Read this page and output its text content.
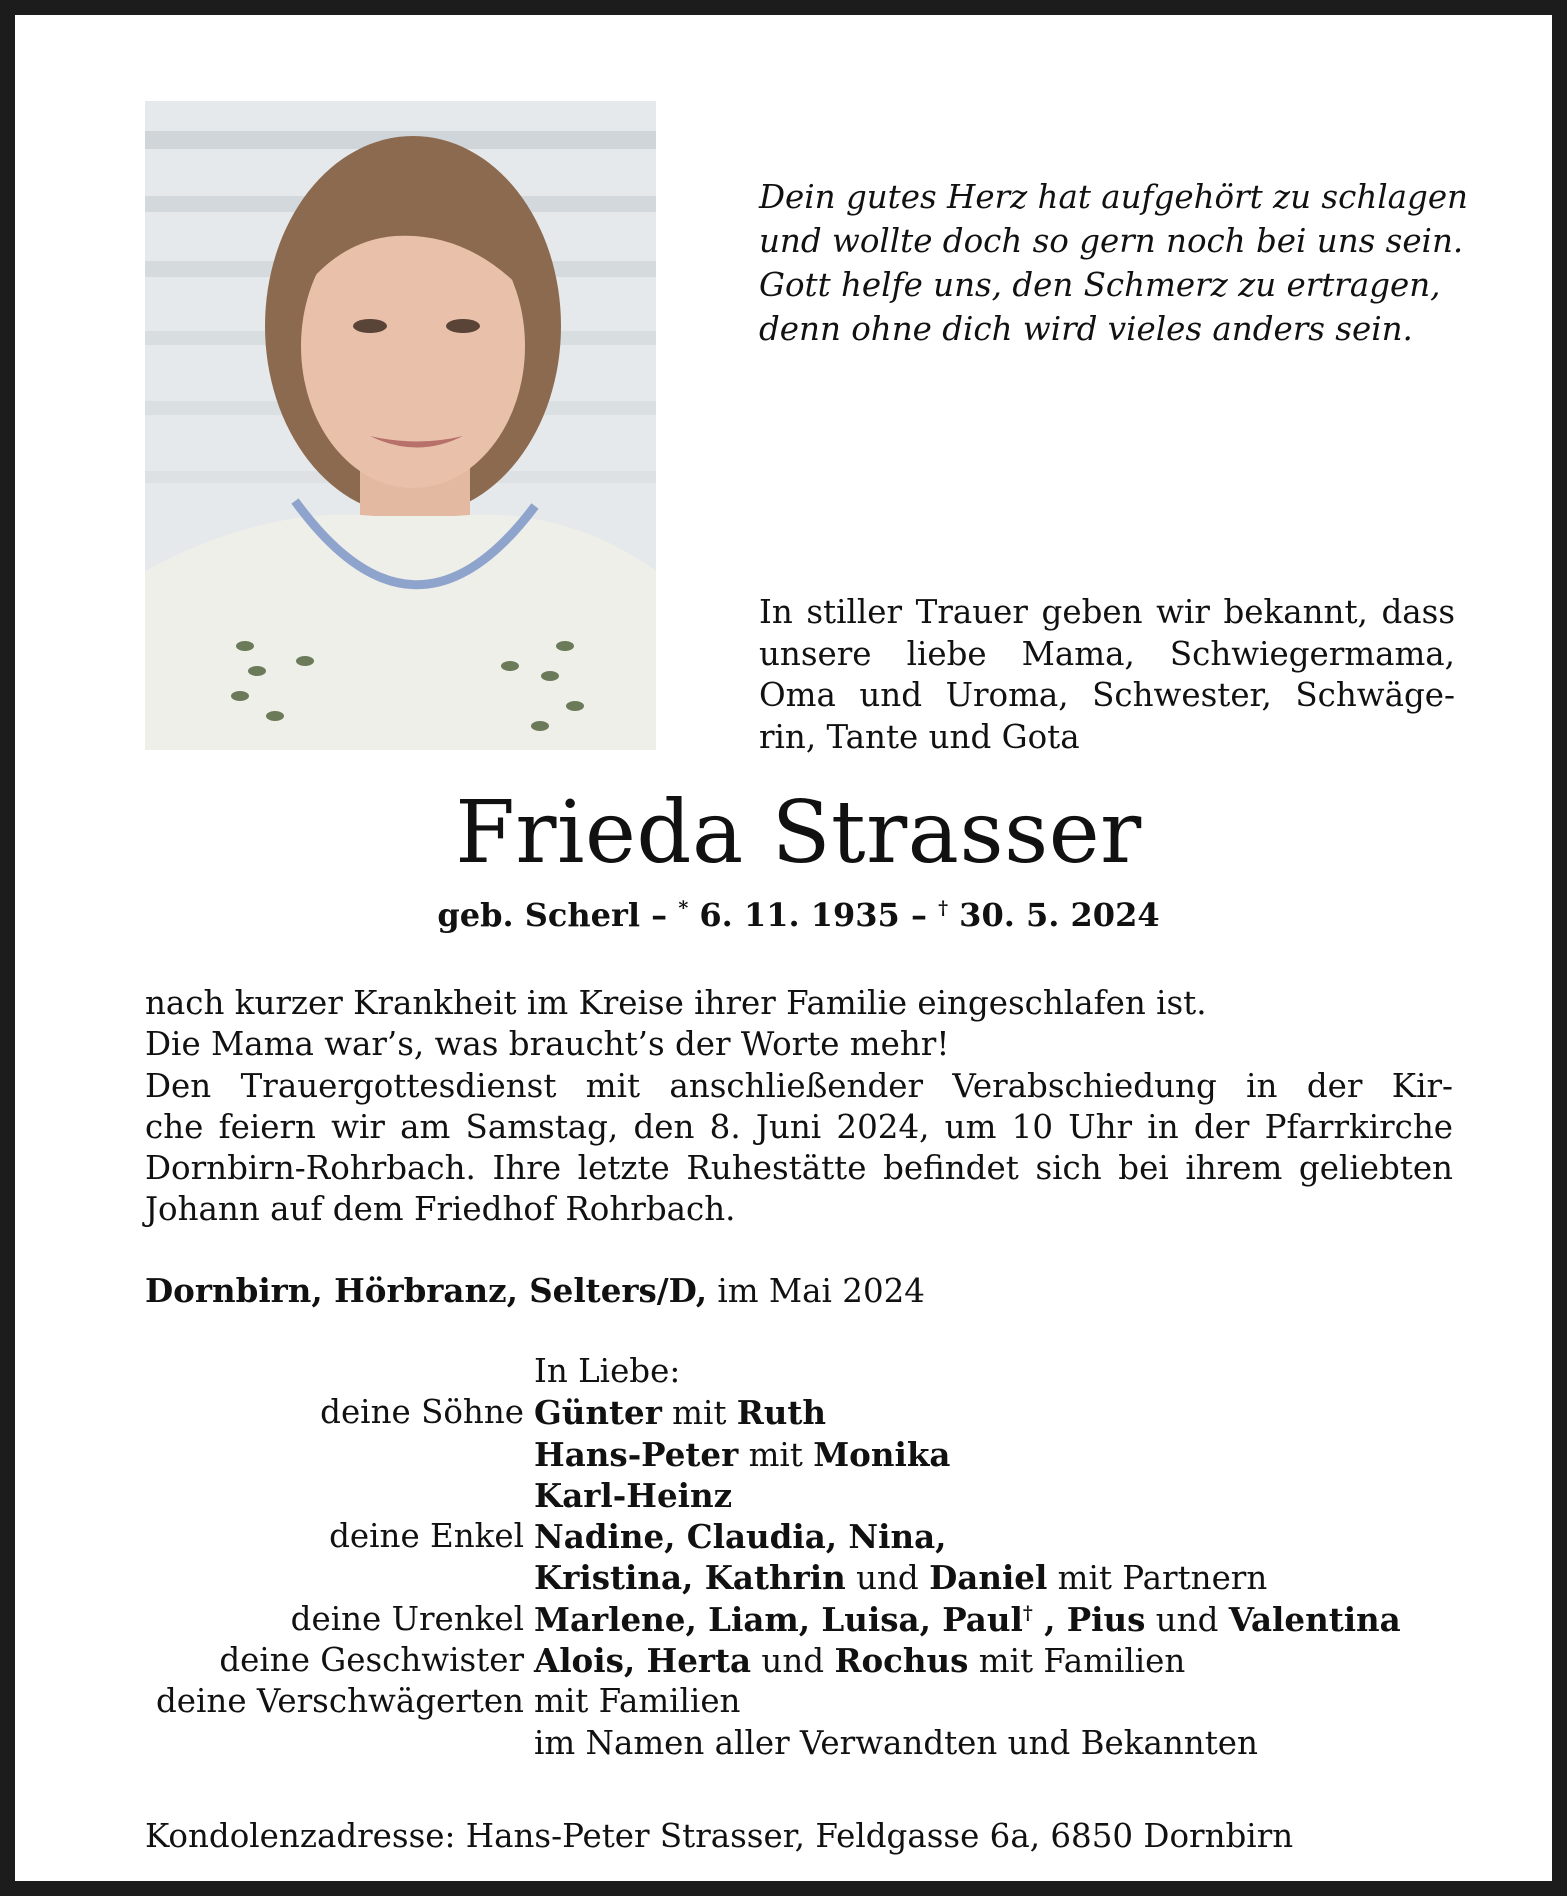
Dein gutes Herz hat aufgehört zu schlagen
und wollte doch so gern noch bei uns sein.
Gott helfe uns, den Schmerz zu ertragen,
denn ohne dich wird vieles anders sein.
In stiller Trauer geben wir bekannt, dass
unsere liebe Mama, Schwiegermama,
Oma und Uroma, Schwester, Schwäge-
rin, Tante und Gota
Frieda Strasser
geb. Scherl – * 6. 11. 1935 – † 30. 5. 2024
nach kurzer Krankheit im Kreise ihrer Familie eingeschlafen ist.
Die Mama war’s, was braucht’s der Worte mehr!
Den Trauergottesdienst mit anschließender Verabschiedung in der Kir-
che feiern wir am Samstag, den 8. Juni 2024, um 10 Uhr in der Pfarrkirche
Dornbirn-Rohrbach. Ihre letzte Ruhestätte befindet sich bei ihrem geliebten
Johann auf dem Friedhof Rohrbach.
Dornbirn, Hörbranz, Selters/D, im Mai 2024
In Liebe:
deine Söhne Günter mit Ruth
Hans-Peter mit Monika
Karl-Heinz
deine Enkel Nadine, Claudia, Nina,
Kristina, Kathrin und Daniel mit Partnern
deine Urenkel Marlene, Liam, Luisa, Paul† , Pius und Valentina
deine Geschwister Alois, Herta und Rochus mit Familien
deine Verschwägerten mit Familien
im Namen aller Verwandten und Bekannten
Kondolenzadresse: Hans-Peter Strasser, Feldgasse 6a, 6850 Dornbirn
